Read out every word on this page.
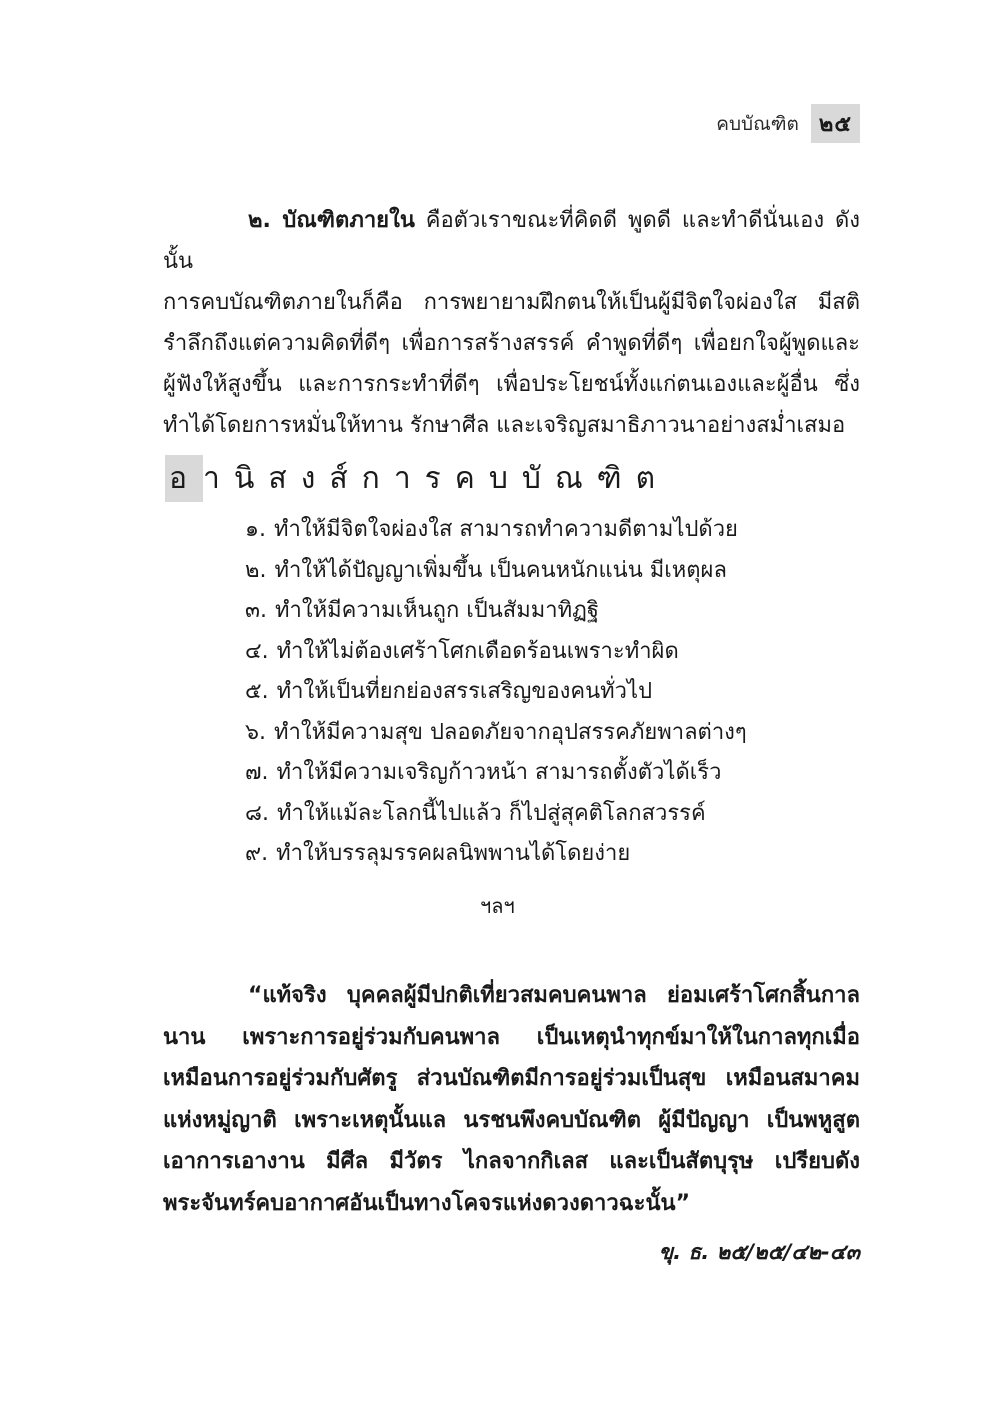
คบบัณฑิต ๒๕
๒. บัณฑิตภายใน คือตัวเราขณะที่คิดดี พูดดี และทำดีนั่นเอง ดังนั้น
การคบบัณฑิตภายในก็คือ การพยายามฝึกตนให้เป็นผู้มีจิตใจผ่องใส มีสติ
รำลึกถึงแต่ความคิดที่ดีๆ เพื่อการสร้างสรรค์ คำพูดที่ดีๆ เพื่อยกใจผู้พูดและ
ผู้ฟังให้สูงขึ้น และการกระทำที่ดีๆ เพื่อประโยชน์ทั้งแก่ตนเองและผู้อื่น ซึ่ง
ทำได้โดยการหมั่นให้ทาน รักษาศีล และเจริญสมาธิภาวนาอย่างสม่ำเสมอ
อ านิสงส์การคบบัณฑิต
๑. ทำให้มีจิตใจผ่องใส สามารถทำความดีตามไปด้วย
๒. ทำให้ได้ปัญญาเพิ่มขึ้น เป็นคนหนักแน่น มีเหตุผล
๓. ทำให้มีความเห็นถูก เป็นสัมมาทิฏฐิ
๔. ทำให้ไม่ต้องเศร้าโศกเดือดร้อนเพราะทำผิด
๕. ทำให้เป็นที่ยกย่องสรรเสริญของคนทั่วไป
๖. ทำให้มีความสุข ปลอดภัยจากอุปสรรคภัยพาลต่างๆ
๗. ทำให้มีความเจริญก้าวหน้า สามารถตั้งตัวได้เร็ว
๘. ทำให้แม้ละโลกนี้ไปแล้ว ก็ไปสู่สุคติโลกสวรรค์
๙. ทำให้บรรลุมรรคผลนิพพานได้โดยง่าย
ฯลฯ
“แท้จริง บุคคลผู้มีปกติเที่ยวสมคบคนพาล ย่อมเศร้าโศกสิ้นกาล
นาน เพราะการอยู่ร่วมกับคนพาล เป็นเหตุนำทุกข์มาให้ในกาลทุกเมื่อ
เหมือนการอยู่ร่วมกับศัตรู ส่วนบัณฑิตมีการอยู่ร่วมเป็นสุข เหมือนสมาคม
แห่งหมู่ญาติ เพราะเหตุนั้นแล นรชนพึงคบบัณฑิต ผู้มีปัญญา เป็นพหูสูต
เอาการเอางาน มีศีล มีวัตร ไกลจากกิเลส และเป็นสัตบุรุษ เปรียบดัง
พระจันทร์คบอากาศอันเป็นทางโคจรแห่งดวงดาวฉะนั้น”
ขุ. ธ. ๒๕/๒๕/๔๒-๔๓
